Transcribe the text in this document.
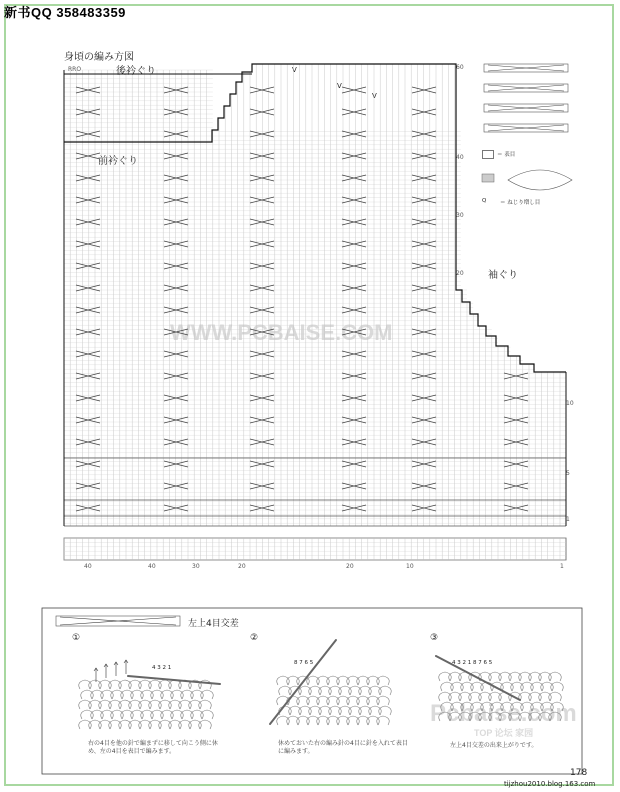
新书QQ 358483359
身頃の編み方図
後衿ぐり
RRO
前衿ぐり
袖ぐり
V
V
V
60
40
30
20
10
5
1
40	40	30	20	20	10	1
＝ 表目
Q ＝ ねじり増し目
左上4目交差
①	②	③
4 3 2 1
8 7 6 5	4 3 2 1 8 7 6 5
右の4目を他の針で編まずに移して向こう側に休め、左の4目を表目で編みます。
休めておいた右の編み針の4目に針を入れて表目に編みます。
左上4目交差の出来上がりです。
178
tijzhou2010.blog.163.com
WWW.PCBAISE.COM
Pcbaise.com
TOP 论坛 家园
